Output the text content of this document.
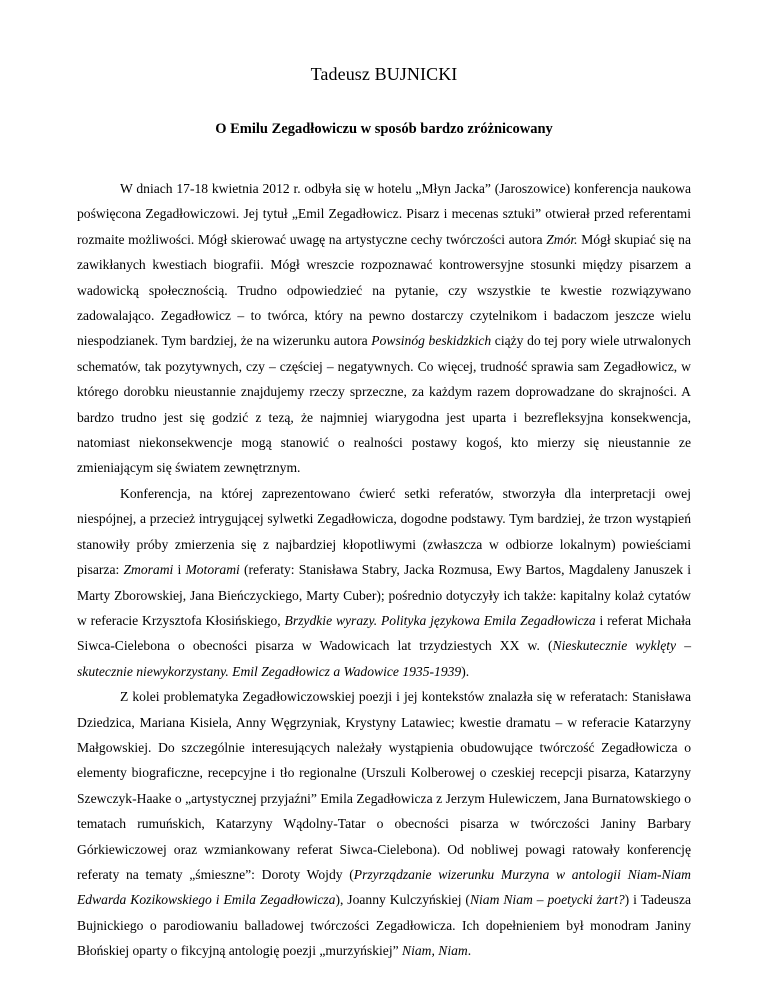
Tadeusz BUJNICKI
O Emilu Zegadłowiczu w sposób bardzo zróżnicowany

W dniach 17-18 kwietnia 2012 r. odbyła się w hotelu „Młyn Jacka” (Jaroszowice) konferencja naukowa poświęcona Zegadłowiczowi. Jej tytuł „Emil Zegadłowicz. Pisarz i mecenas sztuki” otwierał przed referentami rozmaite możliwości. Mógł skierować uwagę na artystyczne cechy twórczości autora Zmór. Mógł skupiać się na zawikłanych kwestiach biografii. Mógł wreszcie rozpoznawać kontrowersyjne stosunki między pisarzem a wadowicką społecznością. Trudno odpowiedzieć na pytanie, czy wszystkie te kwestie rozwiązywano zadowalająco. Zegadłowicz – to twórca, który na pewno dostarczy czytelnikom i badaczom jeszcze wielu niespodzianek. Tym bardziej, że na wizerunku autora Powsinóg beskidzkich ciąży do tej pory wiele utrwalonych schematów, tak pozytywnych, czy – częściej – negatywnych. Co więcej, trudność sprawia sam Zegadłowicz, w którego dorobku nieustannie znajdujemy rzeczy sprzeczne, za każdym razem doprowadzane do skrajności. A bardzo trudno jest się godzić z tezą, że najmniej wiarygodna jest uparta i bezrefleksyjna konsekwencja, natomiast niekonsekwencje mogą stanowić o realności postawy kogoś, kto mierzy się nieustannie ze zmieniającym się światem zewnętrznym.

Konferencja, na której zaprezentowano ćwierć setki referatów, stworzyła dla interpretacji owej niespójnej, a przecież intrygującej sylwetki Zegadłowicza, dogodne podstawy. Tym bardziej, że trzon wystąpień stanowiły próby zmierzenia się z najbardziej kłopotliwymi (zwłaszcza w odbiorze lokalnym) powieściami pisarza: Zmorami i Motorami (referaty: Stanisława Stabry, Jacka Rozmusa, Ewy Bartos, Magdaleny Januszek i Marty Zborowskiej, Jana Bieńczyckiego, Marty Cuber); pośrednio dotyczyły ich także: kapitalny kolaż cytatów w referacie Krzysztofa Kłosińskiego, Brzydkie wyrazy. Polityka językowa Emila Zegadłowicza i referat Michała Siwca-Cielebona o obecności pisarza w Wadowicach lat trzydziestych XX w. (Nieskutecznie wyklęty – skutecznie niewykorzystany. Emil Zegadłowicz a Wadowice 1935-1939).

Z kolei problematyka Zegadłowiczowskiej poezji i jej kontekstów znalazła się w referatach: Stanisława Dziedzica, Mariana Kisiela, Anny Węgrzyniak, Krystyny Latawiec; kwestie dramatu – w referacie Katarzyny Małgowskiej. Do szczególnie interesujących należały wystąpienia obudowujące twórczość Zegadłowicza o elementy biograficzne, recepcyjne i tło regionalne (Urszuli Kolberowej o czeskiej recepcji pisarza, Katarzyny Szewczyk-Haake o „artystycznej przyjaźni” Emila Zegadłowicza z Jerzym Hulewiczem, Jana Burnatowskiego o tematach rumuńskich, Katarzyny Wądolny-Tatar o obecności pisarza w twórczości Janiny Barbary Górkiewiczowej oraz wzmiankowany referat Siwca-Cielebona). Od nobliwej powagi ratowały konferencję referaty na tematy „śmieszne”: Doroty Wojdy (Przyrządzanie wizerunku Murzyna w antologii Niam-Niam Edwarda Kozikowskiego i Emila Zegadłowicza), Joanny Kulczyńskiej (Niam Niam – poetycki żart?) i Tadeusza Bujnickiego o parodiowaniu balladowej twórczości Zegadłowicza. Ich dopełnieniem był monodram Janiny Błońskiej oparty o fikcyjną antologię poezji „murzyńskiej” Niam, Niam.
